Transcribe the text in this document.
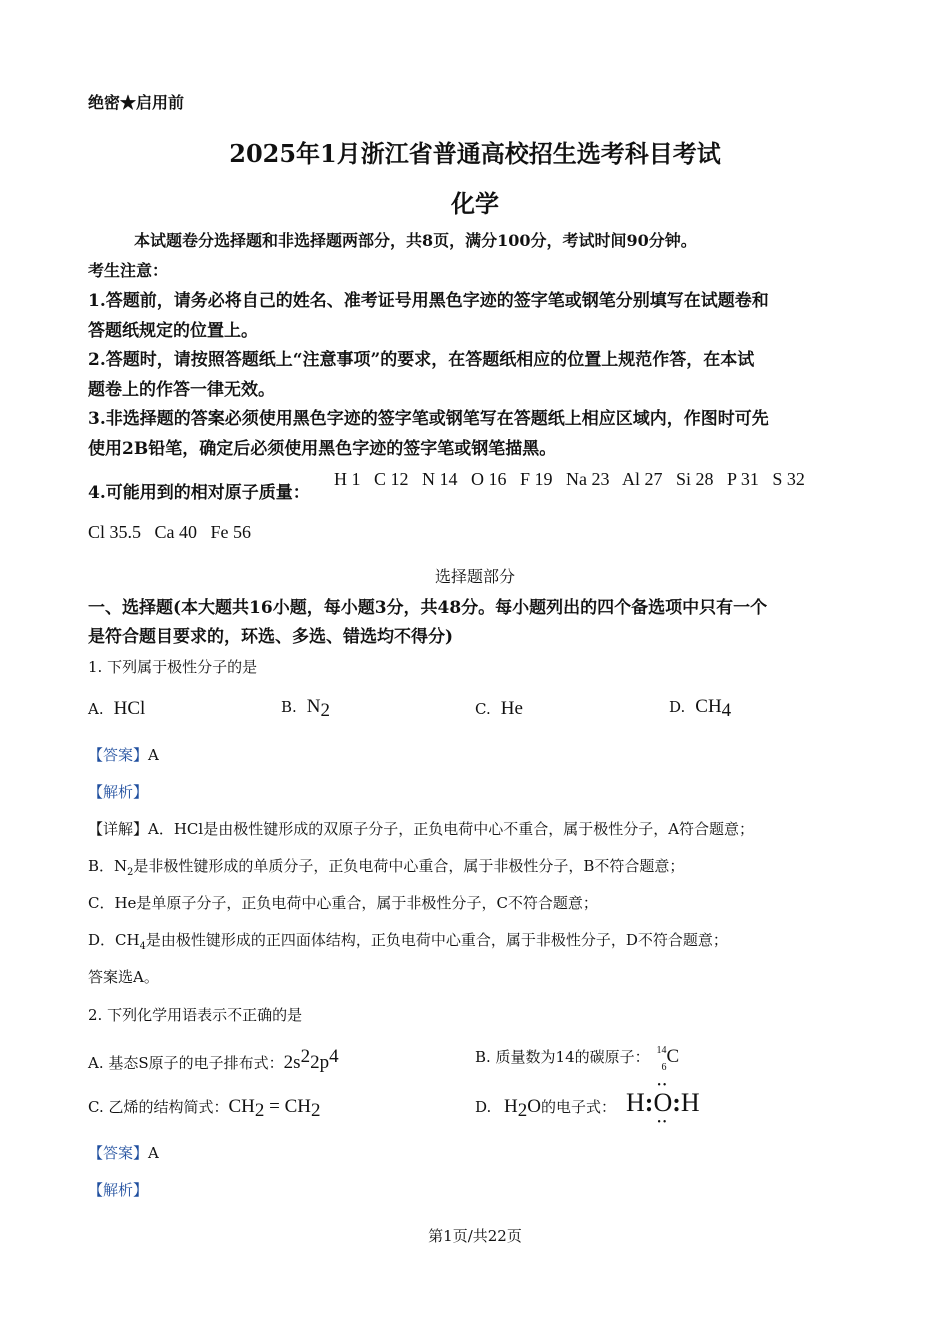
绝密★启用前
2025年1月浙江省普通高校招生选考科目考试
化学
本试题卷分选择题和非选择题两部分，共8页，满分100分，考试时间90分钟。
考生注意：
1.答题前，请务必将自己的姓名、准考证号用黑色字迹的签字笔或钢笔分别填写在试题卷和
答题纸规定的位置上。
2.答题时，请按照答题纸上“注意事项”的要求，在答题纸相应的位置上规范作答，在本试
题卷上的作答一律无效。
3.非选择题的答案必须使用黑色字迹的签字笔或钢笔写在答题纸上相应区域内，作图时可先
使用2B铅笔，确定后必须使用黑色字迹的签字笔或钢笔描黑。
4.可能用到的相对原子质量：
H 1   C 12   N 14   O 16   F 19   Na 23   Al 27   Si 28   P 31   S 32
Cl 35.5   Ca 40   Fe 56
选择题部分
一、选择题(本大题共16小题，每小题3分，共48分。每小题列出的四个备选项中只有一个
是符合题目要求的，环选、多选、错选均不得分)
1. 下列属于极性分子的是
A. HCl	B. $N_2$	C. He	D. $CH_4$
【答案】A
【解析】
【详解】A．HCl是由极性键形成的双原子分子，正负电荷中心不重合，属于极性分子，A符合题意；
B．$N_2$是非极性键形成的单质分子，正负电荷中心重合，属于非极性分子，B不符合题意；
C．He是单原子分子，正负电荷中心重合，属于非极性分子，C不符合题意；
D．$CH_4$是由极性键形成的正四面体结构，正负电荷中心重合，属于非极性分子，D不符合题意；
答案选A。
2. 下列化学用语表示不正确的是
A. 基态S原子的电子排布式：$2s^22p^4$	B. 质量数为14的碳原子： 14
6
C
C. 乙烯的结构简式：$CH_2 = CH_2$	D. $H_2O$的电子式： H:O
••
••
:H
【答案】A
【解析】
第1页/共22页
